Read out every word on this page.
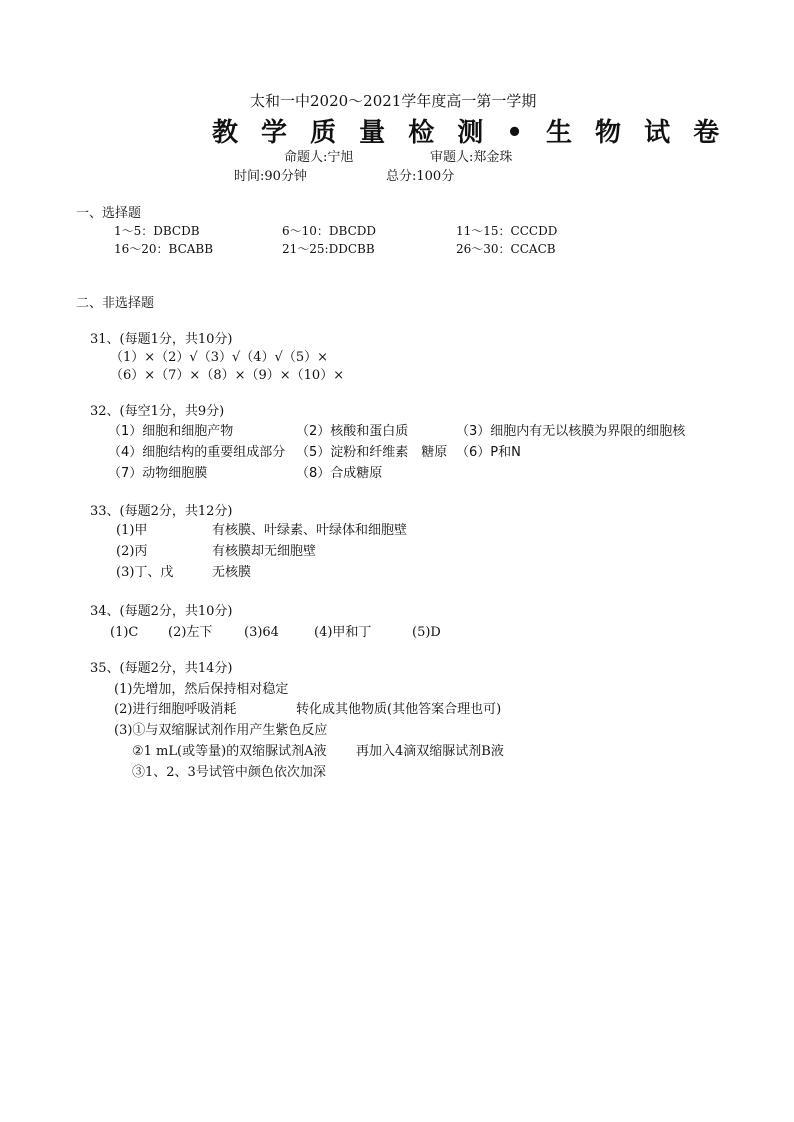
太和一中2020～2021学年度高一第一学期
教 学 质 量 检 测 • 生 物 试 卷
命题人:宁旭	审题人:郑金珠
时间:90分钟	总分:100分
一、选择题
1～5：DBCDB	6～10：DBCDD	11～15：CCCDD
16～20：BCABB	21～25:DDCBB	26～30：CCACB
二、非选择题
31、(每题1分，共10分)
（1）×（2）√（3）√（4）√（5）×
（6）×（7）×（8）×（9）×（10）×
32、(每空1分，共9分)
（1）细胞和细胞产物	（2）核酸和蛋白质	（3）细胞内有无以核膜为界限的细胞核
（4）细胞结构的重要组成部分 （5）淀粉和纤维素　糖原 （6）P和N
（7）动物细胞膜	（8）合成糖原
33、(每题2分，共12分)
(1)甲	有核膜、叶绿素、叶绿体和细胞壁
(2)丙	有核膜却无细胞壁
(3)丁、戊	无核膜
34、(每题2分，共10分)
(1)C (2)左下 (3)64	(4)甲和丁	(5)D
35、(每题2分，共14分)
(1)先增加，然后保持相对稳定
(2)进行细胞呼吸消耗	转化成其他物质(其他答案合理也可)
(3)①与双缩脲试剂作用产生紫色反应
②1 mL(或等量)的双缩脲试剂A液 再加入4滴双缩脲试剂B液
③1、2、3号试管中颜色依次加深
